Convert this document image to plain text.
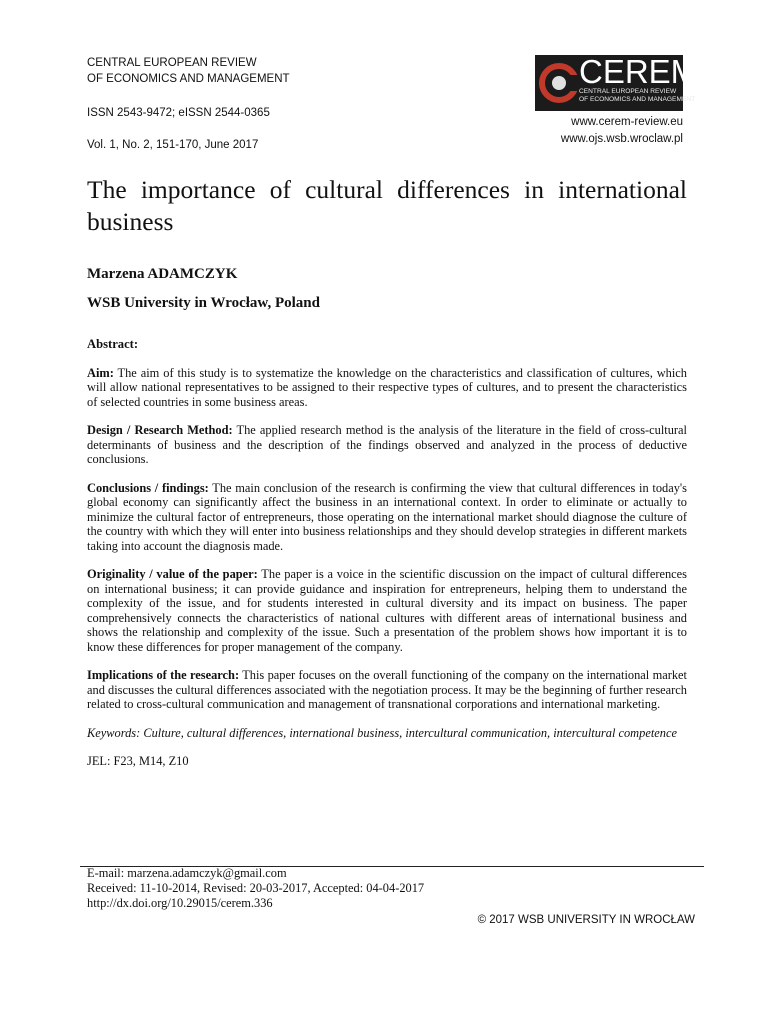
CENTRAL EUROPEAN REVIEW
OF ECONOMICS AND MANAGEMENT
ISSN 2543-9472; eISSN 2544-0365
Vol. 1, No. 2, 151-170, June 2017
CEREM
CENTRAL EUROPEAN REVIEW
OF ECONOMICS AND MANAGEMENT
www.cerem-review.eu
www.ojs.wsb.wroclaw.pl
The importance of cultural differences in international business
Marzena ADAMCZYK
WSB University in Wrocław, Poland
Abstract:

Aim: The aim of this study is to systematize the knowledge on the characteristics and classification of cultures, which will allow national representatives to be assigned to their respective types of cultures, and to present the characteristics of selected countries in some business areas.

Design / Research Method: The applied research method is the analysis of the literature in the field of cross-cultural determinants of business and the description of the findings observed and analyzed in the process of deductive conclusions.

Conclusions / findings: The main conclusion of the research is confirming the view that cultural differences in today's global economy can significantly affect the business in an international context. In order to eliminate or actually to minimize the cultural factor of entrepreneurs, those operating on the international market should diagnose the culture of the country with which they will enter into business relationships and they should develop strategies in different markets taking into account the diagnosis made.

Originality / value of the paper: The paper is a voice in the scientific discussion on the impact of cultural differences on international business; it can provide guidance and inspiration for entrepreneurs, helping them to understand the complexity of the issue, and for students interested in cultural diversity and its impact on business. The paper comprehensively connects the characteristics of national cultures with different areas of international business and shows the relationship and complexity of the issue. Such a presentation of the problem shows how important it is to know these differences for proper management of the company.

Implications of the research: This paper focuses on the overall functioning of the company on the international market and discusses the cultural differences associated with the negotiation process. It may be the beginning of further research related to cross-cultural communication and management of transnational corporations and international marketing.

Keywords: Culture, cultural differences, international business, intercultural communication, intercultural competence

JEL: F23, M14, Z10

E-mail: marzena.adamczyk@gmail.com
Received: 11-10-2014, Revised: 20-03-2017, Accepted: 04-04-2017
http://dx.doi.org/10.29015/cerem.336
© 2017 WSB UNIVERSITY IN WROCŁAW
